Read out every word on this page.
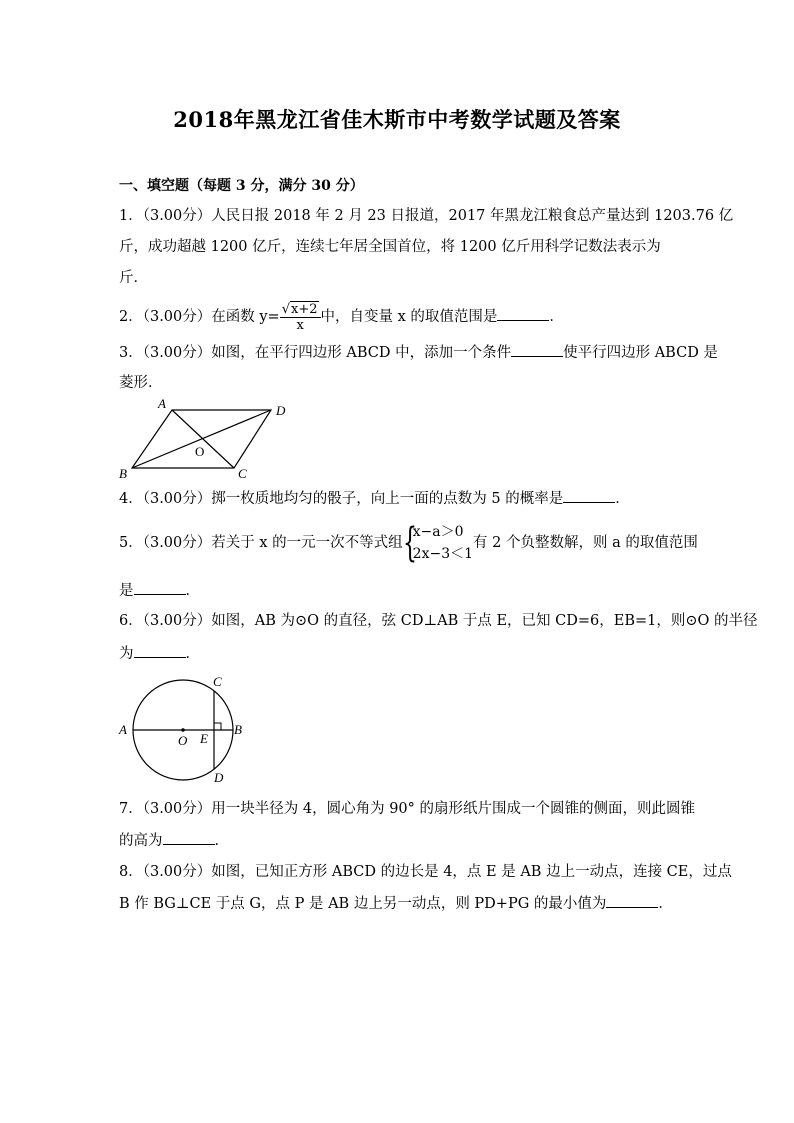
2018年黑龙江省佳木斯市中考数学试题及答案
一、填空题（每题 3 分，满分 30 分）
1．（3.00分）人民日报 2018 年 2 月 23 日报道，2017 年黑龙江粮食总产量达到 1203.76 亿
斤，成功超越 1200 亿斤，连续七年居全国首位，将 1200 亿斤用科学记数法表示为
斤．
2．（3.00分）在函数 $y= \frac{√x+2}{x}$ 中，自变量 x 的取值范围是	．
3．（3.00分）如图，在平行四边形 ABCD 中，添加一个条件	使平行四边形 ABCD 是
菱形．
A	D
B	C
O
4．（3.00分）掷一枚质地均匀的骰子，向上一面的点数为 5 的概率是	．
5．（3.00分）若关于 x 的一元一次不等式组 {
x−a＞0
2x−3＜1
有 2 个负整数解，则 a 的取值范围
是	．
6．（3.00分）如图，AB 为⊙O 的直径，弦 CD⊥AB 于点 E，已知 CD=6，EB=1，则⊙O 的半径
为	．
A	B
C
D
O E
7．（3.00分）用一块半径为 4，圆心角为 90° 的扇形纸片围成一个圆锥的侧面，则此圆锥
的高为	．
8．（3.00分）如图，已知正方形 ABCD 的边长是 4，点 E 是 AB 边上一动点，连接 CE，过点
B 作 BG⊥CE 于点 G，点 P 是 AB 边上另一动点，则 PD+PG 的最小值为	．
